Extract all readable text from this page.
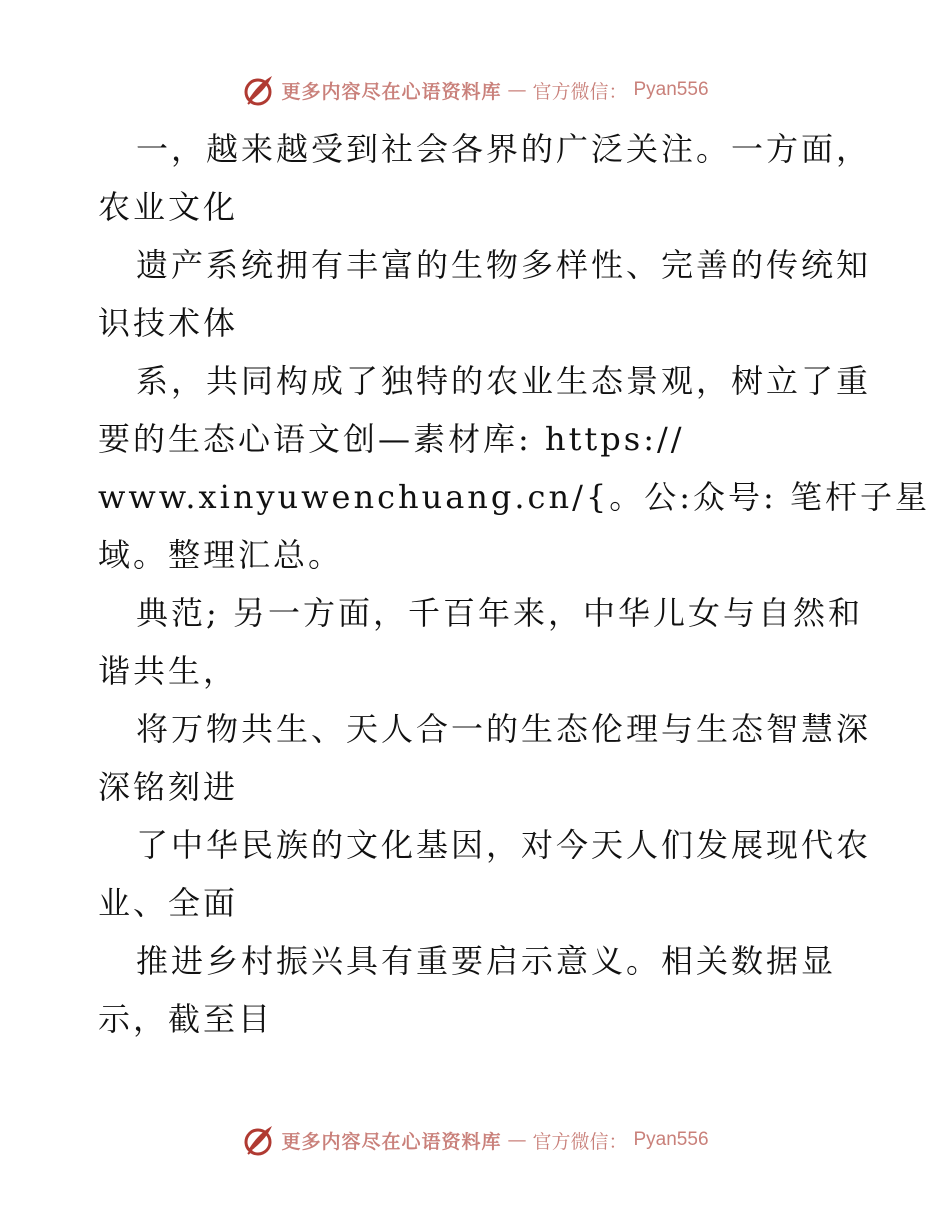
更多内容尽在心语资料库 — 官方微信： Pyan556
一，越来越受到社会各界的广泛关注。一方面，
农业文化
遗产系统拥有丰富的生物多样性、完善的传统知
识技术体
系，共同构成了独特的农业生态景观，树立了重
要的生态心语文创—素材库: https://
www.xinyuwenchuang.cn/{。公:众号: 笔杆子星
域。整理汇总。
典范; 另一方面，千百年来，中华儿女与自然和
谐共生，
将万物共生、天人合一的生态伦理与生态智慧深
深铭刻进
了中华民族的文化基因，对今天人们发展现代农
业、全面
推进乡村振兴具有重要启示意义。相关数据显
示，截至目
更多内容尽在心语资料库 — 官方微信： Pyan556
